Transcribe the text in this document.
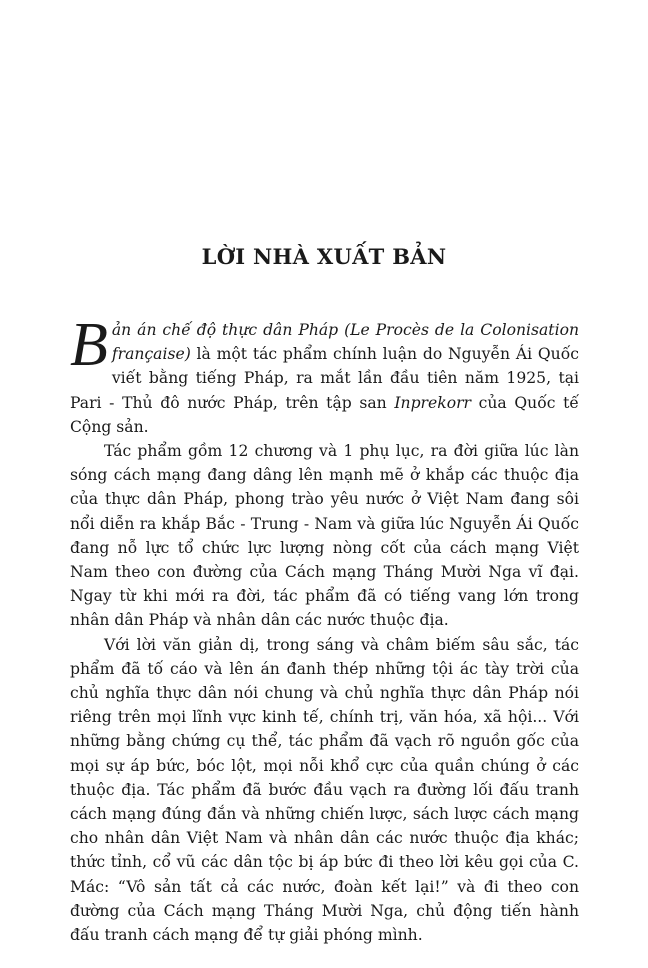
LỜI NHÀ XUẤT BẢN

Bản án chế độ thực dân Pháp (Le Procès de la Colonisation française) là một tác phẩm chính luận do Nguyễn Ái Quốc viết bằng tiếng Pháp, ra mắt lần đầu tiên năm 1925, tại Pari - Thủ đô nước Pháp, trên tập san Inprekorr của Quốc tế Cộng sản.

Tác phẩm gồm 12 chương và 1 phụ lục, ra đời giữa lúc làn sóng cách mạng đang dâng lên mạnh mẽ ở khắp các thuộc địa của thực dân Pháp, phong trào yêu nước ở Việt Nam đang sôi nổi diễn ra khắp Bắc - Trung - Nam và giữa lúc Nguyễn Ái Quốc đang nỗ lực tổ chức lực lượng nòng cốt của cách mạng Việt Nam theo con đường của Cách mạng Tháng Mười Nga vĩ đại. Ngay từ khi mới ra đời, tác phẩm đã có tiếng vang lớn trong nhân dân Pháp và nhân dân các nước thuộc địa.

Với lời văn giản dị, trong sáng và châm biếm sâu sắc, tác phẩm đã tố cáo và lên án đanh thép những tội ác tày trời của chủ nghĩa thực dân nói chung và chủ nghĩa thực dân Pháp nói riêng trên mọi lĩnh vực kinh tế, chính trị, văn hóa, xã hội... Với những bằng chứng cụ thể, tác phẩm đã vạch rõ nguồn gốc của mọi sự áp bức, bóc lột, mọi nỗi khổ cực của quần chúng ở các thuộc địa. Tác phẩm đã bước đầu vạch ra đường lối đấu tranh cách mạng đúng đắn và những chiến lược, sách lược cách mạng cho nhân dân Việt Nam và nhân dân các nước thuộc địa khác; thức tỉnh, cổ vũ các dân tộc bị áp bức đi theo lời kêu gọi của C. Mác: “Vô sản tất cả các nước, đoàn kết lại!” và đi theo con đường của Cách mạng Tháng Mười Nga, chủ động tiến hành đấu tranh cách mạng để tự giải phóng mình.
